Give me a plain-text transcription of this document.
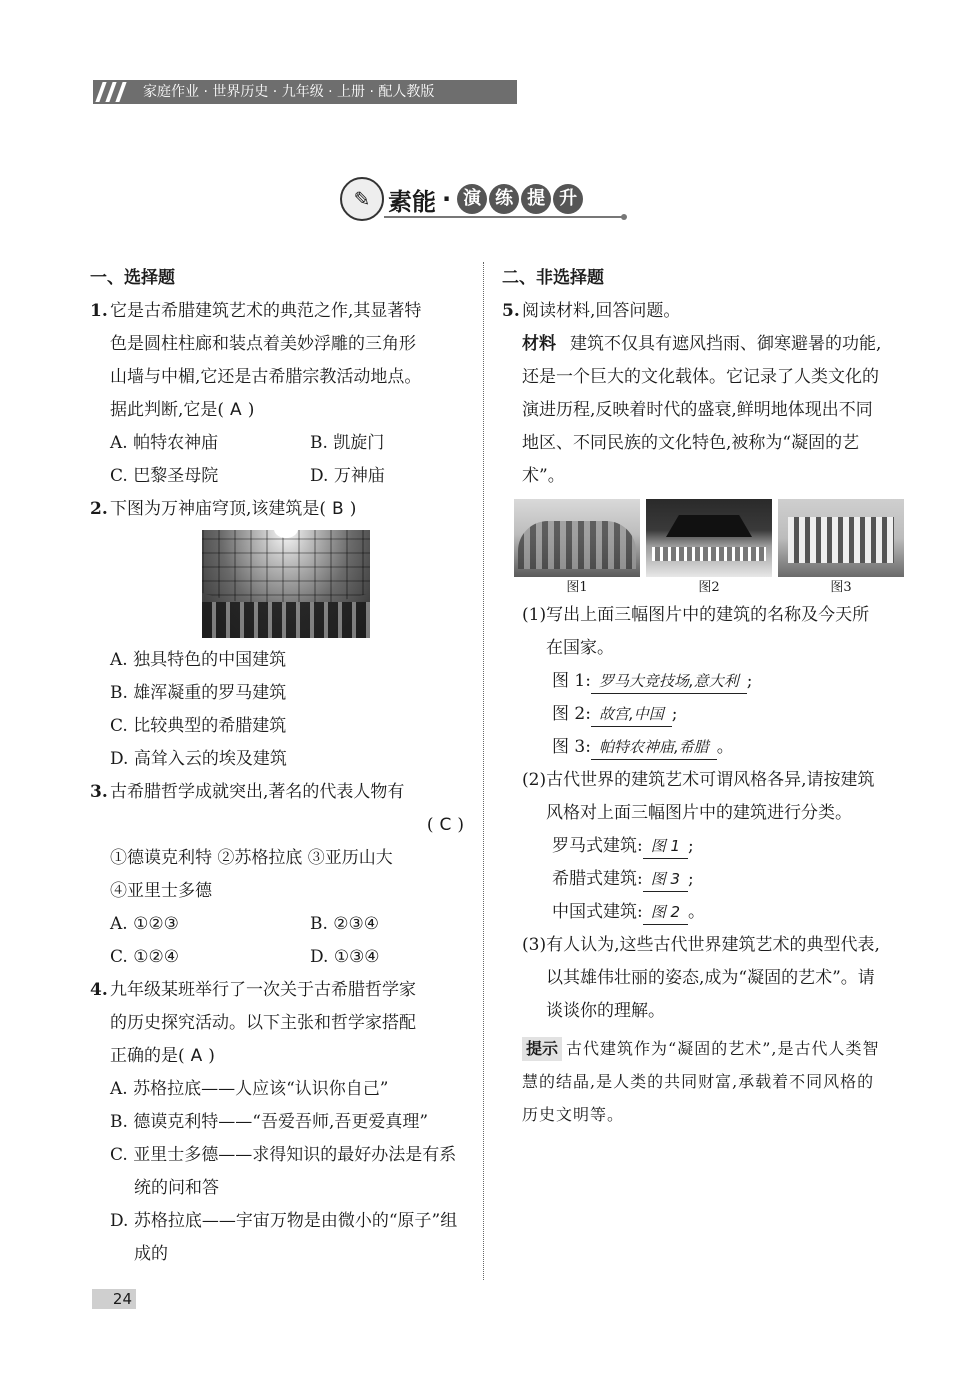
家庭作业 · 世界历史 · 九年级 · 上册 · 配人教版
✎ 素能 · 演 练 提 升
一、选择题
1. 它是古希腊建筑艺术的典范之作,其显著特
色是圆柱柱廊和装点着美妙浮雕的三角形
山墙与中楣,它还是古希腊宗教活动地点。
据此判断,它是( A )
A. 帕特农神庙	B. 凯旋门
C. 巴黎圣母院	D. 万神庙
2. 下图为万神庙穹顶,该建筑是( B )
A. 独具特色的中国建筑
B. 雄浑凝重的罗马建筑
C. 比较典型的希腊建筑
D. 高耸入云的埃及建筑
3. 古希腊哲学成就突出,著名的代表人物有
( C )
①德谟克利特 ②苏格拉底 ③亚历山大
④亚里士多德
A. ①②③	B. ②③④
C. ①②④	D. ①③④
4. 九年级某班举行了一次关于古希腊哲学家
的历史探究活动。以下主张和哲学家搭配
正确的是( A )
A. 苏格拉底——人应该“认识你自己”
B. 德谟克利特——“吾爱吾师,吾更爱真理”
C. 亚里士多德——求得知识的最好办法是有系统的问和答
D. 苏格拉底——宇宙万物是由微小的“原子”组成的
二、非选择题
5. 阅读材料,回答问题。
材料 建筑不仅具有遮风挡雨、御寒避暑的功能,还是一个巨大的文化载体。它记录了人类文化的演进历程,反映着时代的盛衰,鲜明地体现出不同地区、不同民族的文化特色,被称为“凝固的艺术”。
图1	图2	图3
(1)写出上面三幅图片中的建筑的名称及今天所在国家。
图 1: 罗马大竞技场,意大利 ;
图 2: 故宫,中国 ;
图 3: 帕特农神庙,希腊 。
(2)古代世界的建筑艺术可谓风格各异,请按建筑风格对上面三幅图片中的建筑进行分类。
罗马式建筑: 图 1 ;
希腊式建筑: 图 3 ;
中国式建筑: 图 2 。
(3)有人认为,这些古代世界建筑艺术的典型代表,以其雄伟壮丽的姿态,成为“凝固的艺术”。请谈谈你的理解。
提示 古代建筑作为“凝固的艺术”,是古代人类智慧的结晶,是人类的共同财富,承载着不同风格的历史文明等。
24
